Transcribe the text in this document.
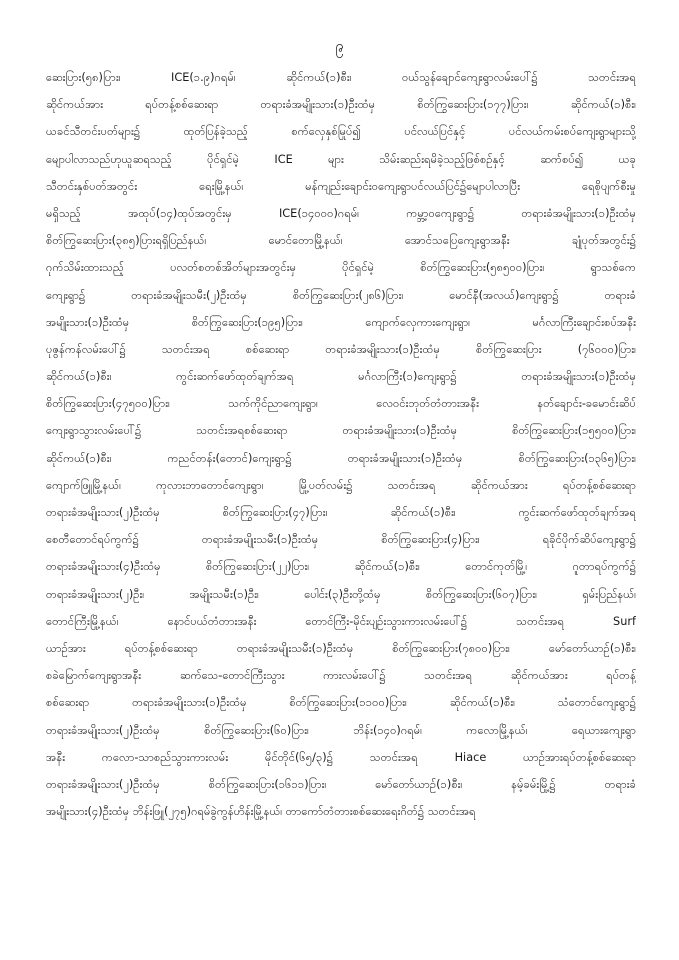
၉
ဆေးပြား(၅၈)ပြား၊ ICE(၁.၉)ဂရမ်၊ ဆိုင်ကယ်(၁)စီး၊ ဝယ်သွန်ချောင်ကျေးရွာလမ်းပေါ်၌ သတင်းအရ
ဆိုင်ကယ်အား ရပ်တန့်စစ်ဆေးရာ တရားခံအမျိုးသား(၁)ဦးထံမှ စိတ်ကြွဆေးပြား(၁၇၇)ပြား၊ ဆိုင်ကယ်(၁)စီး၊
ယခင်သီတင်းပတ်များ၌ ထုတ်ပြန်ခဲ့သည့် စက်လှေနှစ်မြုပ်၍ ပင်လယ်ပြင်နှင့် ပင်လယ်ကမ်းစပ်ကျေးရွာများသို့
မျောပါလာသည်ဟုယူဆရသည့် ပိုင်ရှင်မဲ့ ICE များ သိမ်းဆည်းရမိခဲ့သည့်ဖြစ်စဉ်နှင့် ဆက်စပ်၍ ယခု
သီတင်းနှစ်ပတ်အတွင်း ရေးမြို့နယ်၊ မန်ကျည်းချောင်းဝကျေးရွာပင်လယ်ပြင်၌မျောပါလာပြီး ရေစိုပျက်စီးမှု
မရှိသည့် အထုပ်(၁၄)ထုပ်အတွင်းမှ ICE(၁၄၀၀၀)ဂရမ်၊ ကမ္ဘာ့ဝကျေးရွာ၌ တရားခံအမျိုးသား(၁)ဦးထံမှ
စိတ်ကြွဆေးပြား(၃၈၅)ပြားရရှိပြည်နယ်၊ မောင်တောမြို့နယ်၊ အောင်သပြေကျေးရွာအနီး ချုံပုတ်အတွင်း၌
ဂုက်သိမ်းထားသည့် ပလတ်စတစ်အိတ်များအတွင်းမှ ပိုင်ရှင်မဲ့ စိတ်ကြွဆေးပြား(၅၈၅၀၀)ပြား၊ ရွာသစ်ကေ
ကျေးရွာ၌ တရားခံအမျိုးသမီး(၂)ဦးထံမှ စိတ်ကြွဆေးပြား(၂၈၆)ပြား၊ မောင်နီ(အလယ်)ကျေးရွာ၌ တရားခံ
အမျိုးသား(၁)ဦးထံမှ စိတ်ကြွဆေးပြား(၁၉၅)ပြား၊ ကျောက်လှေကားကျေးရွာ၊ မင်္ဂလာကြီးချောင်းစပ်အနီး
ပုဇွန်ကန်လမ်းပေါ်၌ သတင်းအရ စစ်ဆေးရာ တရားခံအမျိုးသား(၁)ဦးထံမှ စိတ်ကြွဆေးပြား (၇၆၀၀၀)ပြား၊
ဆိုင်ကယ်(၁)စီး၊ ကွင်းဆက်ဖော်ထုတ်ချက်အရ မင်္ဂလာကြီး(၁)ကျေးရွာ၌ တရားခံအမျိုးသား(၁)ဦးထံမှ
စိတ်ကြွဆေးပြား(၄၇၅၀၀)ပြား၊ သက်ကိုင်ညာကျေးရွာ၊ လေဝင်းဘုတ်တံတားအနီး နတ်ချောင်း-ခမောင်းဆိပ်
ကျေးရွာသွားလမ်းပေါ်၌ သတင်းအရစစ်ဆေးရာ တရားခံအမျိုးသား(၁)ဦးထံမှ စိတ်ကြွဆေးပြား(၁၅၅၀၀)ပြား၊
ဆိုင်ကယ်(၁)စီး၊ ကညင်တန်း(တောင်)ကျေးရွာ၌ တရားခံအမျိုးသား(၁)ဦးထံမှ စိတ်ကြွဆေးပြား(၁၃၆၅)ပြား၊
ကျောက်ဖြူမြို့နယ်၊ ကုလားဘာတောင်ကျေးရွာ၊ မြို့ပတ်လမ်း၌ သတင်းအရ ဆိုင်ကယ်အား ရပ်တန့်စစ်ဆေးရာ
တရားခံအမျိုးသား(၂)ဦးထံမှ စိတ်ကြွဆေးပြား(၄၇)ပြား၊ ဆိုင်ကယ်(၁)စီး၊ ကွင်းဆက်ဖော်ထုတ်ချက်အရ
စေတီတောင်ရပ်ကွက်၌ တရားခံအမျိုးသမီး(၁)ဦးထံမှ စိတ်ကြွဆေးပြား(၄)ပြား၊ ရခိုင်ပိုက်ဆိပ်ကျေးရွာ၌
တရားခံအမျိုးသား(၄)ဦးထံမှ စိတ်ကြွဆေးပြား(၂၂)ပြား၊ ဆိုင်ကယ်(၁)စီး၊ တောင်ကုတ်မြို့၊ ဂူတာရပ်ကွက်၌
တရားခံအမျိုးသား(၂)ဦး၊ အမျိုးသမီး(၁)ဦး၊ ပေါင်း(၃)ဦးတို့ထံမှ စိတ်ကြွဆေးပြား(၆၀၇)ပြား၊ ရှမ်းပြည်နယ်၊
တောင်ကြီးမြို့နယ်၊ နောင်ပယ်တံတားအနီး တောင်ကြီး-မိုင်းပျဉ်းသွားကားလမ်းပေါ်၌ သတင်းအရ Surf
ယာဉ်အား ရပ်တန့်စစ်ဆေးရာ တရားခံအမျိုးသမီး(၁)ဦးထံမှ စိတ်ကြွဆေးပြား(၇၈၀၀)ပြား၊ မော်တော်ယာဉ်(၁)စီး၊
စခဲမြောက်ကျေးရွာအနီး ဆက်သေ-တောင်ကြီးသွား ကားလမ်းပေါ်၌ သတင်းအရ ဆိုင်ကယ်အား ရပ်တန့်
စစ်ဆေးရာ တရားခံအမျိုးသား(၁)ဦးထံမှ စိတ်ကြွဆေးပြား(၁၁၀၀)ပြား၊ ဆိုင်ကယ်(၁)စီး၊ သံတောင်ကျေးရွာ၌
တရားခံအမျိုးသား(၂)ဦးထံမှ စိတ်ကြွဆေးပြား(၆၀)ပြား၊ ဘိန်း(၁၄၀)ဂရမ်၊ ကလောမြို့နယ်၊ ရေယားကျေးရွာ
အနီး ကလော-သာစည်သွားကားလမ်း မိုင်တိုင်(၆၅/၃)၌ သတင်းအရ Hiace ယာဉ်အားရပ်တန့်စစ်ဆေးရာ
တရားခံအမျိုးသား(၂)ဦးထံမှ စိတ်ကြွဆေးပြား(၁၆၁၁)ပြား၊ မော်တော်ယာဉ်(၁)စီး၊ နမ့်ခမ်းမြို့၌ တရားခံ
အမျိုးသား(၄)ဦးထံမှ ဘိန်းဖြူ(၂၇၅)ဂရမ်ခွဲကွန်ဟိန်းမြို့နယ်၊ တာကော်တံတားစစ်ဆေးရေးဂိတ်၌ သတင်းအရ
